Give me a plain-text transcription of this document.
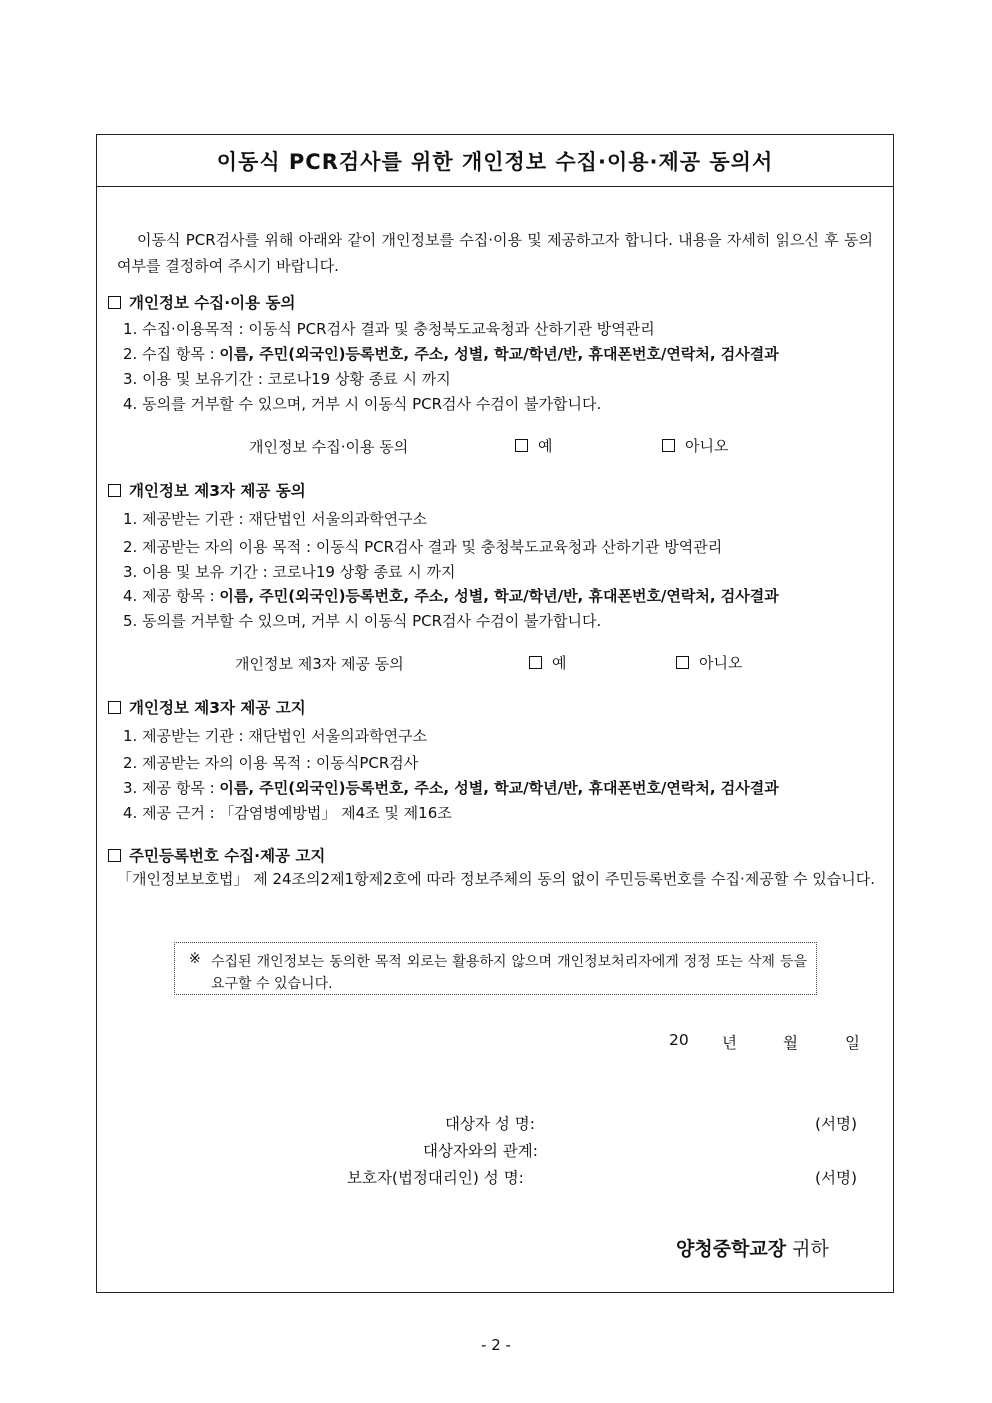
이동식 PCR검사를 위한 개인정보 수집·이용·제공 동의서
이동식 PCR검사를 위해 아래와 같이 개인정보를 수집·이용 및 제공하고자 합니다. 내용을 자세히 읽으신 후 동의 여부를 결정하여 주시기 바랍니다.
개인정보 수집·이용 동의
1. 수집·이용목적 : 이동식 PCR검사 결과 및 충청북도교육청과 산하기관 방역관리
2. 수집 항목 : 이름, 주민(외국인)등록번호, 주소, 성별, 학교/학년/반, 휴대폰번호/연락처, 검사결과
3. 이용 및 보유기간 : 코로나19 상황 종료 시 까지
4. 동의를 거부할 수 있으며, 거부 시 이동식 PCR검사 수검이 불가합니다.
개인정보 수집·이용 동의	예	아니오
개인정보 제3자 제공 동의
1. 제공받는 기관 : 재단법인 서울의과학연구소
2. 제공받는 자의 이용 목적 : 이동식 PCR검사 결과 및 충청북도교육청과 산하기관 방역관리
3. 이용 및 보유 기간 : 코로나19 상황 종료 시 까지
4. 제공 항목 : 이름, 주민(외국인)등록번호, 주소, 성별, 학교/학년/반, 휴대폰번호/연락처, 검사결과
5. 동의를 거부할 수 있으며, 거부 시 이동식 PCR검사 수검이 불가합니다.
개인정보 제3자 제공 동의	예	아니오
개인정보 제3자 제공 고지
1. 제공받는 기관 : 재단법인 서울의과학연구소
2. 제공받는 자의 이용 목적 : 이동식PCR검사
3. 제공 항목 : 이름, 주민(외국인)등록번호, 주소, 성별, 학교/학년/반, 휴대폰번호/연락처, 검사결과
4. 제공 근거 : 「감염병예방법」 제4조 및 제16조
주민등록번호 수집·제공 고지
「개인정보보호법」 제 24조의2제1항제2호에 따라 정보주체의 동의 없이 주민등록번호를 수집·제공할 수 있습니다.
※ 수집된 개인정보는 동의한 목적 외로는 활용하지 않으며 개인정보처리자에게 정정 또는 삭제 등을 요구할 수 있습니다.
20 년	월	일
대상자 성 명:	(서명)
대상자와의 관계:
보호자(법정대리인) 성 명:	(서명)
양청중학교장 귀하
- 2 -
